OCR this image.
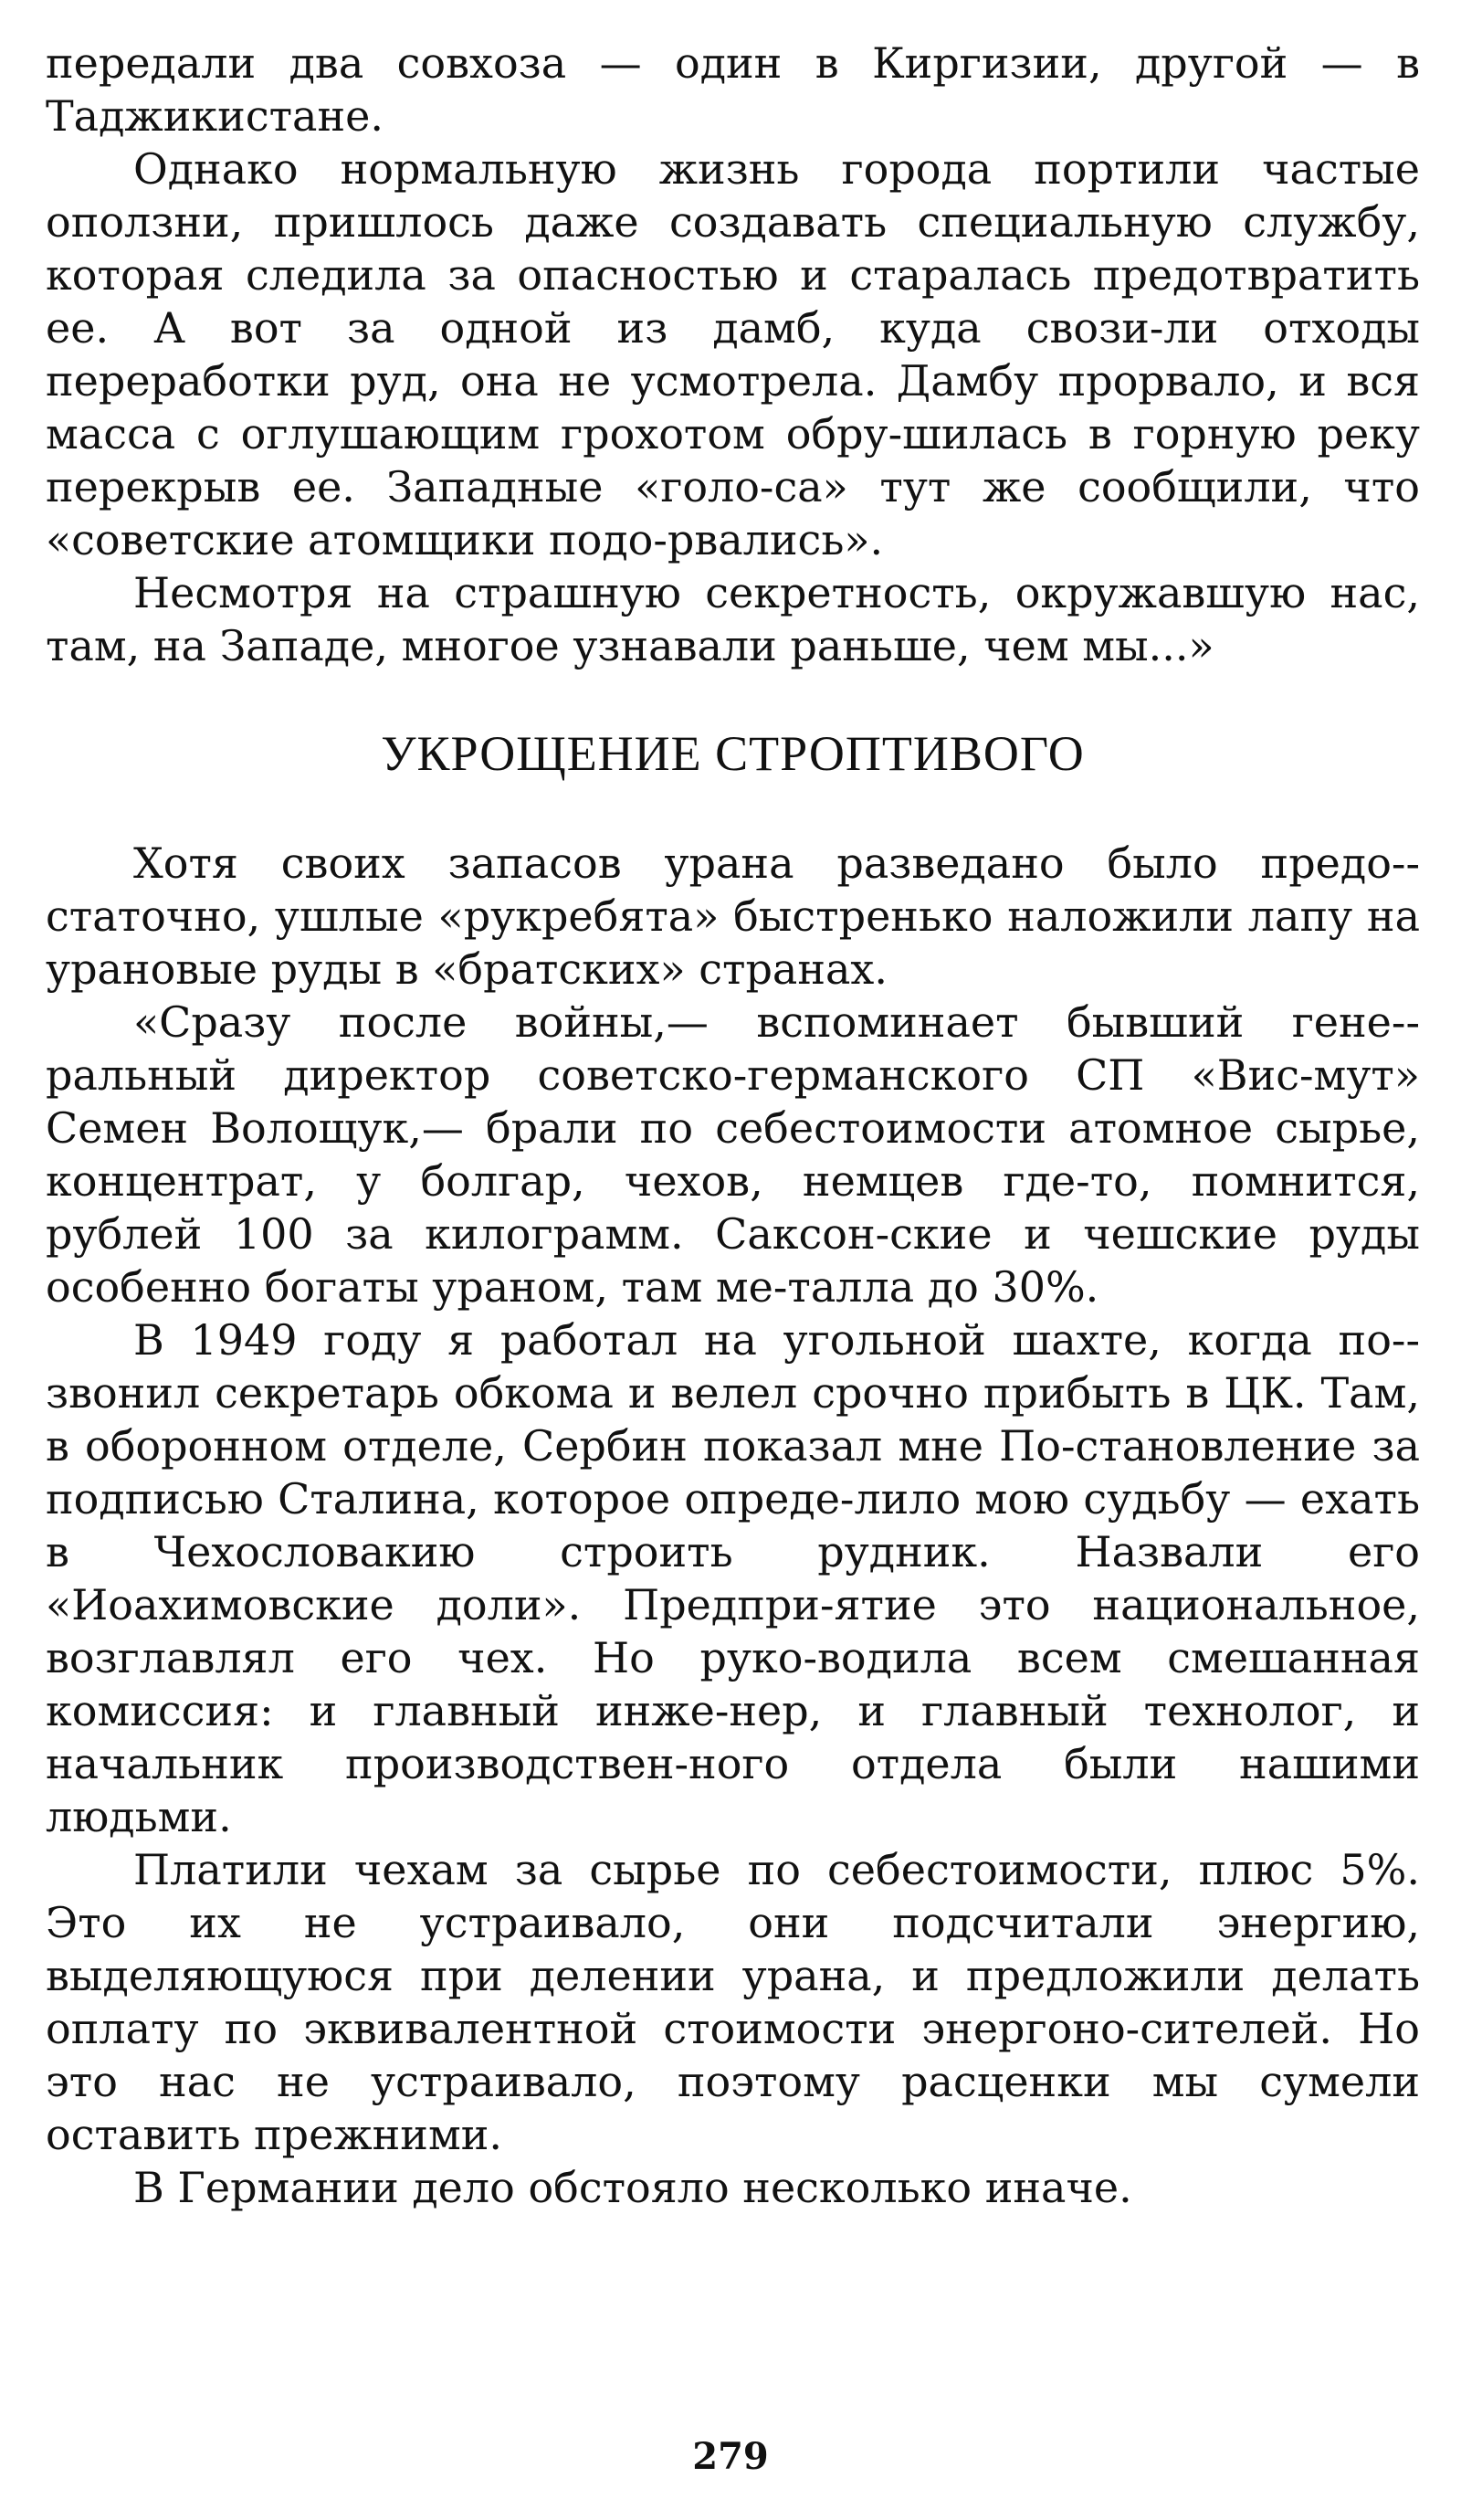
передали два совхоза — один в Киргизии, другой — в Таджикистане.

Однако нормальную жизнь города портили частые оползни, пришлось даже создавать специальную службу, которая следила за опасностью и старалась предотвратить ее. А вот за одной из дамб, куда свози-ли отходы переработки руд, она не усмотрела. Дамбу прорвало, и вся масса с оглушающим грохотом обру-шилась в горную реку перекрыв ее. Западные «голо-са» тут же сообщили, что «советские атомщики подо-рвались».

Несмотря на страшную секретность, окружавшую нас, там, на Западе, многое узнавали раньше, чем мы...»

УКРОЩЕНИЕ СТРОПТИВОГО

Хотя своих запасов урана разведано было предо-статочно, ушлые «рукребята» быстренько наложили лапу на урановые руды в «братских» странах.

«Сразу после войны,— вспоминает бывший гене-ральный директор советско-германского СП «Вис-мут» Семен Волощук,— брали по себестоимости атомное сырье, концентрат, у болгар, чехов, немцев где-то, помнится, рублей 100 за килограмм. Саксон-ские и чешские руды особенно богаты ураном, там ме-талла до 30%.

В 1949 году я работал на угольной шахте, когда по-звонил секретарь обкома и велел срочно прибыть в ЦК. Там, в оборонном отделе, Сербин показал мне По-становление за подписью Сталина, которое опреде-лило мою судьбу — ехать в Чехословакию строить рудник. Назвали его «Иоахимовские доли». Предпри-ятие это национальное, возглавлял его чех. Но руко-водила всем смешанная комиссия: и главный инже-нер, и главный технолог, и начальник производствен-ного отдела были нашими людьми.

Платили чехам за сырье по себестоимости, плюс 5%. Это их не устраивало, они подсчитали энергию, выделяющуюся при делении урана, и предложили делать оплату по эквивалентной стоимости энергоно-сителей. Но это нас не устраивало, поэтому расценки мы сумели оставить прежними.

В Германии дело обстояло несколько иначе.

279
